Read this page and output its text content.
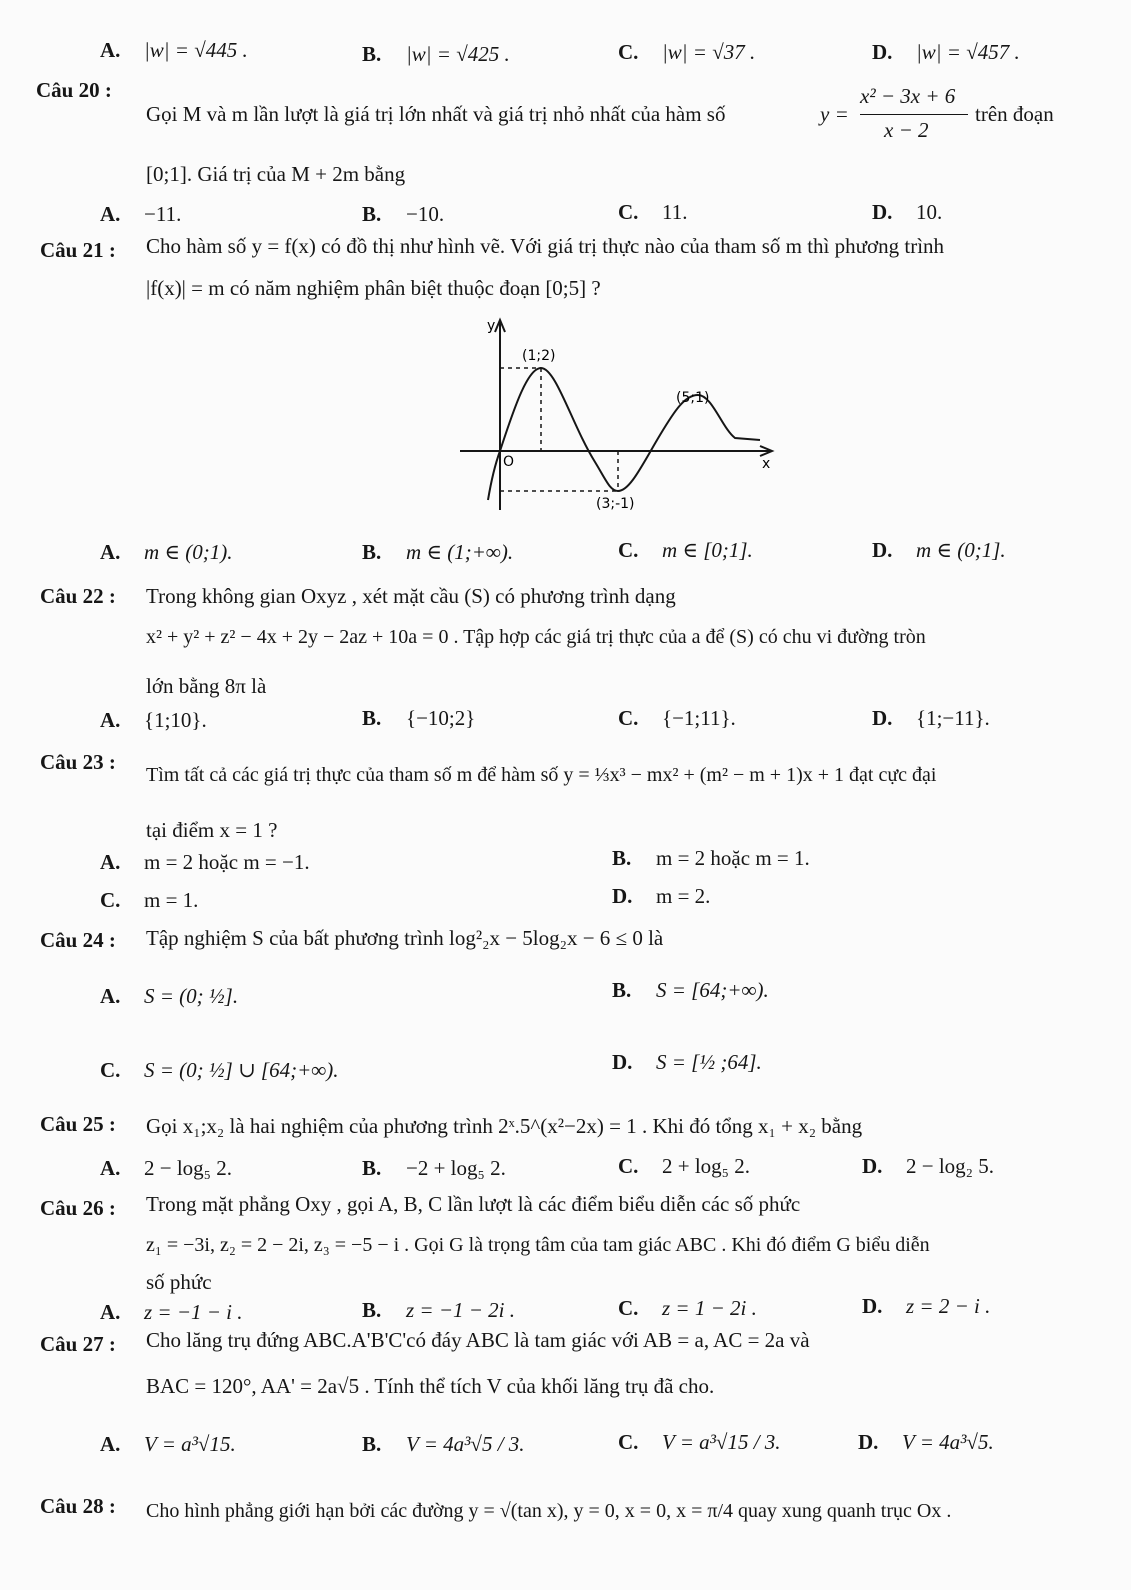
A. |w| = √445 .	B. |w| = √425 .	C. |w| = √37 .	D. |w| = √457 .
Câu 20 :
Gọi M và m lần lượt là giá trị lớn nhất và giá trị nhỏ nhất của hàm số	y =
x² − 3x + 6
x − 2
trên đoạn
[0;1]. Giá trị của M + 2m bằng
A. −11.	B. −10.	C. 11.	D. 10.
Câu 21 : Cho hàm số y = f(x) có đồ thị như hình vẽ. Với giá trị thực nào của tham số m thì phương trình
|f(x)| = m có năm nghiệm phân biệt thuộc đoạn [0;5] ?
y
x
O
(1;2)
(5;1)
(3;-1)
A. m ∈ (0;1).	B. m ∈ (1;+∞).	C. m ∈ [0;1].	D. m ∈ (0;1].
Câu 22 : Trong không gian Oxyz , xét mặt cầu (S) có phương trình dạng
x² + y² + z² − 4x + 2y − 2az + 10a = 0 . Tập hợp các giá trị thực của a để (S) có chu vi đường tròn
lớn bằng 8π là
A. {1;10}.	B. {−10;2}	C. {−1;11}.	D. {1;−11}.
Câu 23 :
Tìm tất cả các giá trị thực của tham số m để hàm số y = ⅓x³ − mx² + (m² − m + 1)x + 1 đạt cực đại
tại điểm x = 1 ?
A. m = 2 hoặc m = −1.	B. m = 2 hoặc m = 1.
C. m = 1.	D. m = 2.
Câu 24 : Tập nghiệm S của bất phương trình log²₂x − 5log₂x − 6 ≤ 0 là
A. S = (0; ½].	B. S = [64;+∞).
C. S = (0; ½] ∪ [64;+∞).	D. S = [½ ;64].
Câu 25 : Gọi x₁;x₂ là hai nghiệm của phương trình 2ˣ.5^(x²−2x) = 1 . Khi đó tổng x₁ + x₂ bằng
A. 2 − log₅ 2.	B. −2 + log₅ 2.	C. 2 + log₅ 2.	D. 2 − log₂ 5.
Câu 26 : Trong mặt phẳng Oxy , gọi A, B, C lần lượt là các điểm biểu diễn các số phức
z₁ = −3i, z₂ = 2 − 2i, z₃ = −5 − i . Gọi G là trọng tâm của tam giác ABC . Khi đó điểm G biểu diễn
số phức
A. z = −1 − i .	B. z = −1 − 2i .	C. z = 1 − 2i .	D. z = 2 − i .
Câu 27 : Cho lăng trụ đứng ABC.A'B'C'có đáy ABC là tam giác với AB = a, AC = 2a và
BAC = 120°, AA' = 2a√5 . Tính thể tích V của khối lăng trụ đã cho.
A. V = a³√15.	B. V = 4a³√5 / 3.	C. V = a³√15 / 3.	D. V = 4a³√5.
Câu 28 : Cho hình phẳng giới hạn bởi các đường y = √(tan x), y = 0, x = 0, x = π/4 quay xung quanh trục Ox .
